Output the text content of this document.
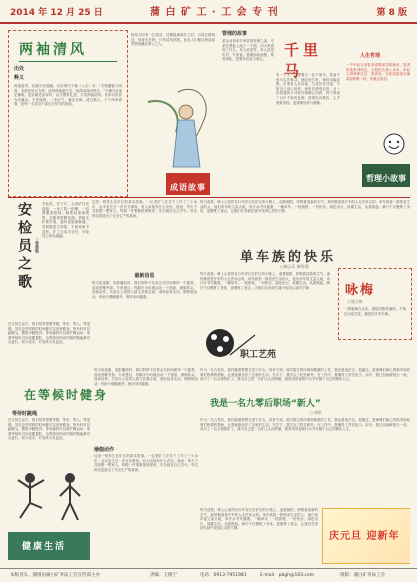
2014 年 12 月 25 日	蒲 白 矿 工 · 工 会 专 刊	第 8 版
两袖清风
出处
释义
两袖清风，比喻为官清廉。出自明代于谦《入京》诗：“手帕蘑菇与线香，本资民用反为殃。清风两袖朝天去，免得闾阎话短长。”于谦为官清正廉明，进京朝见皇帝时，从不携带礼品，只带两袖清风。后用以形容为官廉洁，不贪钱财，一身正气。廉洁自律，清白做人，干干净净做事，是每一名党员干部应当坚守的底线。
相传古时有一位清官，任期届满离开之时，百姓拦路相送，他身无长物，只有清风伴随。此后人们便以两袖清风赞扬廉洁奉公之人。
成语故事
管理的故事
某企业请来专家讲授管理之道，专家在黑板上画了一个圆，问大家看到了什么。有人说是零，有人说是句号，专家说：管理如同画圆，要有规矩，更要有包容与周全。
千里马
有一个人一心想要买一匹千里马，然而千里马实在难寻，他四处打听，始终未能如愿。后来有人告诉他，与其苦苦寻觅，不如自己用心培养。他听后深受启发，从一匹普通的小马驹开始精心饲养，终于养成了日行千里的良驹。故事告诉我们，人才需要发现，更需要培养与磨砺。
人生哲理
一个年轻人向智者请教成功的秘诀，智者带他来到河边，让他把头埋入水中。年轻人拼命挣扎后，智者说：当你渴望成功像渴望呼吸一样，你就会成功。
哲理小故事
安检员之歌 ○鲁惠敏
安检员，井下行，头顶矿灯亮晶晶。一身工装一把锤，一双慧眼查隐情。敲帮问顶细观察，瓦斯浓度勤检测。顶板支护要牢靠，通风设施保畅通。发现隐患立即报，不留死角不放松。矿工兄弟平安归，安检员心里乐融融。
这是一则发生在矿区的真实故事。一位老矿工在井下工作了三十余年，从未发生过一次安全事故。有人问他有什么诀窍，他说：每天下井前想一想家人，每做一件事都按规程来，安全就在自己手中。朴实的话语道出了安全生产的真谛。
每天清晨，骑上心爱的自行车穿行在矿区的小路上，迎着朝阳，呼吸着清新的空气，那份惬意是开车的人无法体会的。单车族是一群热爱生活的人，他们用车轮丈量大地，用汗水书写健康。一辆单车，一段旅程，一份快乐，绿色出行，低碳生活，从我做起。骑行不仅锻炼了身体，更磨炼了意志，让我们在奔波忙碌中找到心灵的宁静。
单车族的快乐
○韩云乐 韩雪莉
每天清晨，骑上心爱的自行车穿行在矿区的小路上，迎着朝阳，呼吸着清新的空气，那份惬意是开车的人无法体会的。单车族是一群热爱生活的人，他们用车轮丈量大地，用汗水书写健康。一辆单车，一段旅程，一份快乐，绿色出行，低碳生活，从我做起。骑行不仅锻炼了身体，更磨炼了意志，让我们在奔波忙碌中找到心灵的宁静。	咏梅
○刘立伟
一树寒梅白玉条，迥临村路傍溪桥。不知近水花先发，疑是经冬雪未销。
最新信息
每当电视剧、电影播放时，我们的脖子经常会长时间保持一个姿势，造成颈椎劳损。专家建议，每隔半小时就活动一下颈部，做做转头、耸肩动作。久坐办公室的人群尤其要注意，适时起身走动，做伸展运动，有助于缓解疲劳，保持身体健康。
职工艺苑
在日常生活中，我们常常需要等候，等车、等人、等电梯。其实这些零碎的时间都可以用来健身。等车时可以踮脚尖，锻炼小腿肌肉；等电梯时可以做扩胸运动；坐着等候时可以收腹提肛。这些简单的动作随时随地都可以进行，积少成多，对身体大有益处。
在等候时健身
等待时跳绳
在日常生活中，我们常常需要等候，等车、等人、等电梯。其实这些零碎的时间都可以用来健身。等车时可以踮脚尖，锻炼小腿肌肉；等电梯时可以做扩胸运动；坐着等候时可以收腹提肛。这些简单的动作随时随地都可以进行，积少成多，对身体大有益处。
健康生活
瑜伽动作
每当电视剧、电影播放时，我们的脖子经常会长时间保持一个姿势，造成颈椎劳损。专家建议，每隔半小时就活动一下颈部，做做转头、耸肩动作。久坐办公室的人群尤其要注意，适时起身走动，做伸展运动，有助于缓解疲劳，保持身体健康。
这是一则发生在矿区的真实故事。一位老矿工在井下工作了三十余年，从未发生过一次安全事故。有人问他有什么诀窍，他说：每天下井前想一想家人，每做一件事都按规程来，安全就在自己手中。朴实的话语道出了安全生产的真谛。
作为一名九零后，我怀揣着梦想走进了矿山。初来乍到，面对陌生的环境和繁重的工作，我也曾迷茫过、退缩过。是师傅们耐心的指导和同事们热情的帮助，让我逐渐适应了这里的生活。在井下，我学会了吃苦耐劳；在工作中，我懂得了责任担当。如今，我已经能够独当一面，成为了一名合格的矿工。我为自己是一名矿山人而骄傲，我将用青春和汗水书写属于自己的精彩人生。
我是一名九零后职场“新人”
○刘欢
作为一名九零后，我怀揣着梦想走进了矿山。初来乍到，面对陌生的环境和繁重的工作，我也曾迷茫过、退缩过。是师傅们耐心的指导和同事们热情的帮助，让我逐渐适应了这里的生活。在井下，我学会了吃苦耐劳；在工作中，我懂得了责任担当。如今，我已经能够独当一面，成为了一名合格的矿工。我为自己是一名矿山人而骄傲，我将用青春和汗水书写属于自己的精彩人生。
每天清晨，骑上心爱的自行车穿行在矿区的小路上，迎着朝阳，呼吸着清新的空气，那份惬意是开车的人无法体会的。单车族是一群热爱生活的人，他们用车轮丈量大地，用汗水书写健康。一辆单车，一段旅程，一份快乐，绿色出行，低碳生活，从我做起。骑行不仅锻炼了身体，更磨炼了意志，让我们在奔波忙碌中找到心灵的宁静。
庆元旦 迎新年
本版刊头、插图由蒲白矿务局工会宣传部主办	责编：王晓宁	电话：0913-7951981	E-mail：pbgh@163.com	排版：蒲白矿务局工会
